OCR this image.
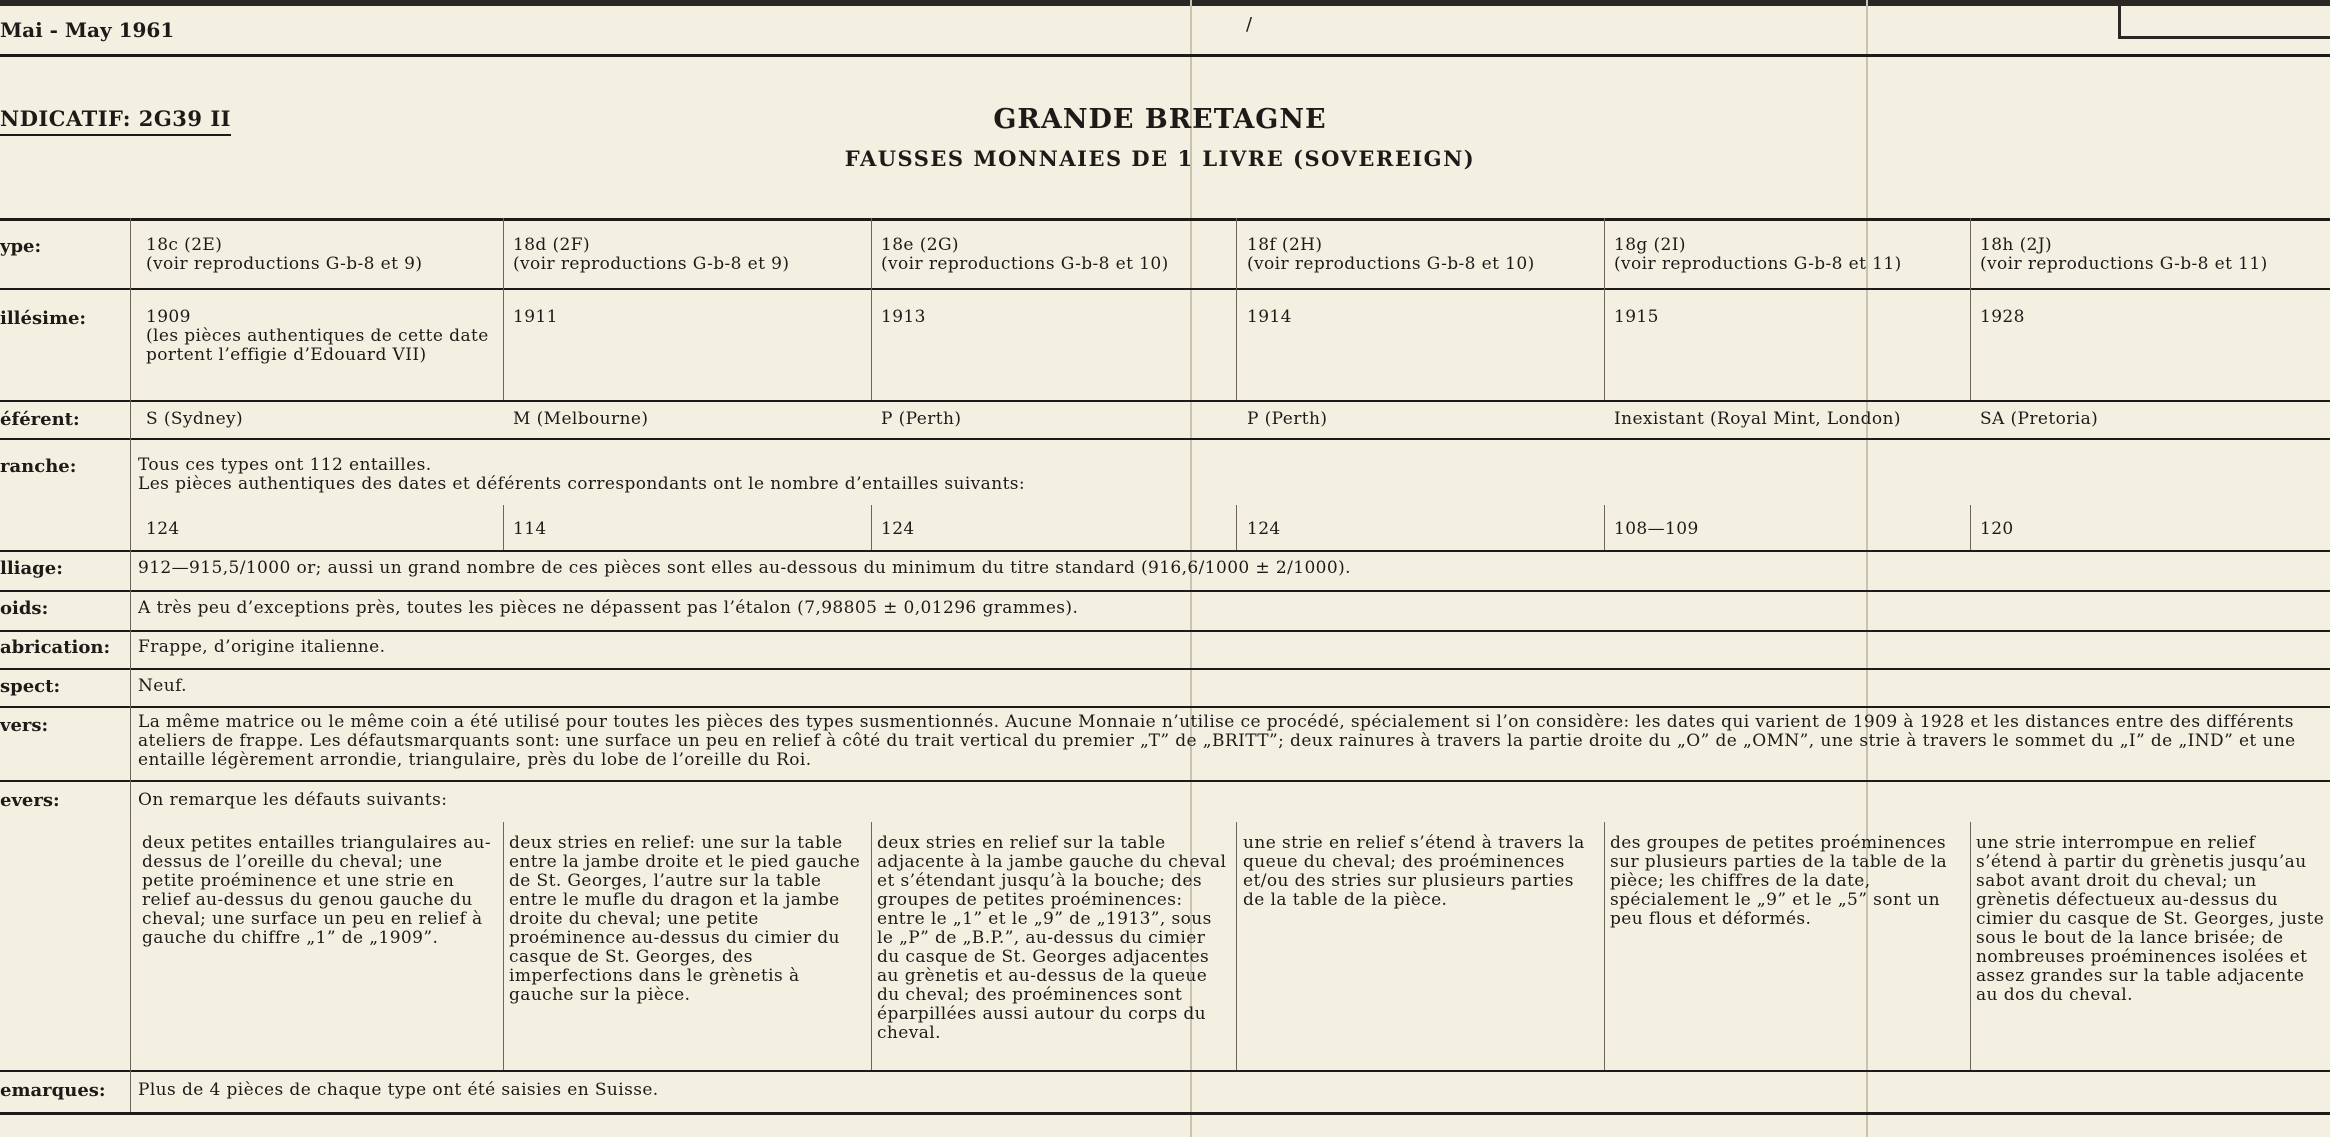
Mai - May 1961	/
NDICATIF: 2G39 II	GRANDE BRETAGNE
FAUSSES MONNAIES DE 1 LIVRE (SOVEREIGN)
ype:
illésime:
éférent:
ranche:
lliage:
oids:
abrication:
spect:
vers:
evers:
emarques:
18c (2E)
(voir reproductions G-b-8 et 9)
1909
(les pièces authentiques de cette date portent l’effigie d’Edouard VII)
S (Sydney)
124
deux petites entailles triangulaires au-dessus de l’oreille du cheval; une petite proéminence et une strie en relief au-dessus du genou gauche du cheval; une surface un peu en relief à gauche du chiffre „1” de „1909”.
18d (2F)
(voir reproductions G-b-8 et 9)
1911
M (Melbourne)
114
deux stries en relief: une sur la table entre la jambe droite et le pied gauche de St. Georges, l’autre sur la table entre le mufle du dragon et la jambe droite du cheval; une petite proéminence au-dessus du cimier du casque de St. Georges, des imperfections dans le grènetis à gauche sur la pièce.
18e (2G)
(voir reproductions G-b-8 et 10)
1913
P (Perth)
124
deux stries en relief sur la table adjacente à la jambe gauche du cheval et s’étendant jusqu’à la bouche; des groupes de petites proéminences: entre le „1” et le „9” de „1913”, sous le „P” de „B.P.”, au-dessus du cimier du casque de St. Georges adjacentes au grènetis et au-dessus de la queue du cheval; des proéminences sont éparpillées aussi autour du corps du cheval.
18f (2H)
(voir reproductions G-b-8 et 10)
1914
P (Perth)
124
une strie en relief s’étend à travers la queue du cheval; des proéminences et/ou des stries sur plusieurs parties de la table de la pièce.
18g (2I)
(voir reproductions G-b-8 et 11)
1915
Inexistant (Royal Mint, London)
108—109
des groupes de petites proéminences sur plusieurs parties de la table de la pièce; les chiffres de la date, spécialement le „9” et le „5” sont un peu flous et déformés.
18h (2J)
(voir reproductions G-b-8 et 11)
1928
SA (Pretoria)
120
une strie interrompue en relief s’étend à partir du grènetis jusqu’au sabot avant droit du cheval; un grènetis défectueux au-dessus du cimier du casque de St. Georges, juste sous le bout de la lance brisée; de nombreuses proéminences isolées et assez grandes sur la table adjacente au dos du cheval.
Tous ces types ont 112 entailles.
Les pièces authentiques des dates et déférents correspondants ont le nombre d’entailles suivants:
912—915,5/1000 or; aussi un grand nombre de ces pièces sont elles au-dessous du minimum du titre standard (916,6/1000 ± 2/1000).
A très peu d’exceptions près, toutes les pièces ne dépassent pas l’étalon (7,98805 ± 0,01296 grammes).
Frappe, d’origine italienne.
Neuf.
La même matrice ou le même coin a été utilisé pour toutes les pièces des types susmentionnés. Aucune Monnaie n’utilise ce procédé, spécialement si l’on considère: les dates qui varient de 1909 à 1928 et les distances entre des différents ateliers de frappe. Les défautsmarquants sont: une surface un peu en relief à côté du trait vertical du premier „T” de „BRITT”; deux rainures à travers la partie droite du „O” de „OMN”, une strie à travers le sommet du „I” de „IND” et une entaille légèrement arrondie, triangulaire, près du lobe de l’oreille du Roi.
On remarque les défauts suivants:
Plus de 4 pièces de chaque type ont été saisies en Suisse.
